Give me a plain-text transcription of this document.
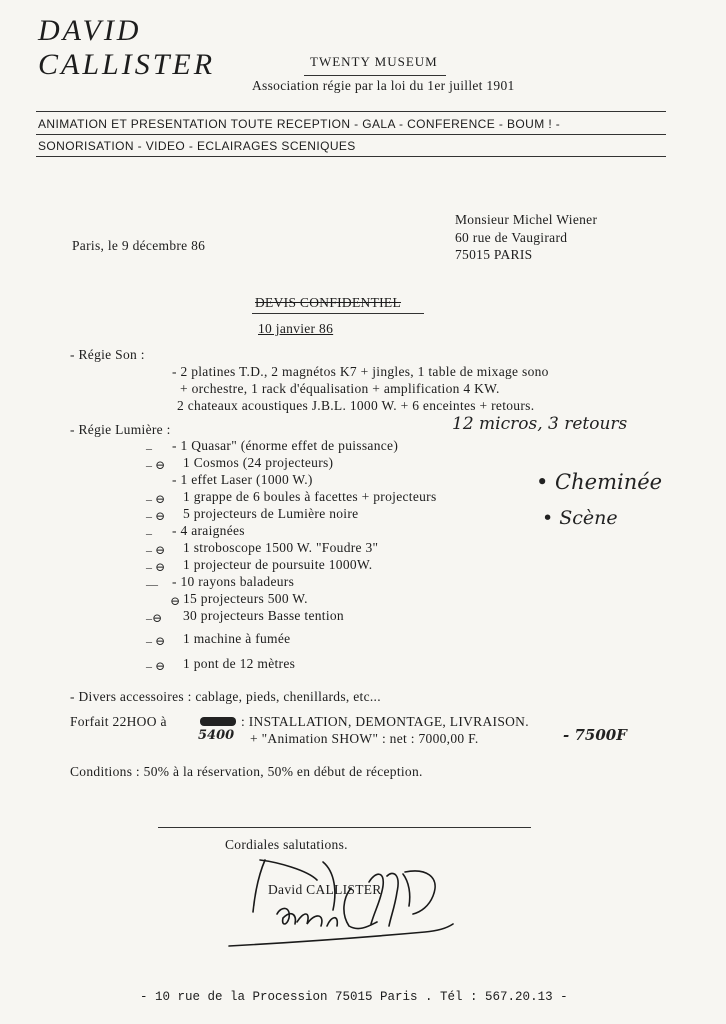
DAVID
CALLISTER	TWENTY MUSEUM
Association régie par la loi du 1er juillet 1901
ANIMATION ET PRESENTATION TOUTE RECEPTION - GALA - CONFERENCE - BOUM ! -
SONORISATION - VIDEO - ECLAIRAGES SCENIQUES
Monsieur Michel Wiener
60 rue de Vaugirard
75015 PARIS
Paris, le 9 décembre 86
DEVIS CONFIDENTIEL
10 janvier 86
- Régie Son :
- 2 platines T.D., 2 magnétos K7 + jingles, 1 table de mixage sono
+ orchestre, 1 rack d'équalisation + amplification 4 KW.
2 chateaux acoustiques J.B.L. 1000 W. + 6 enceintes + retours.
- Régie Lumière :	12 micros, 3 retours
– - 1 Quasar" (énorme effet de puissance)
– ⊖ 1 Cosmos (24 projecteurs)
- 1 effet Laser (1000 W.)
– ⊖ 1 grappe de 6 boules à facettes + projecteurs
• Cheminée
• Scène
– ⊖ 5 projecteurs de Lumière noire
– - 4 araignées
– ⊖ 1 stroboscope 1500 W. "Foudre 3"
– ⊖ 1 projecteur de poursuite 1000W.
— - 10 rayons baladeurs
⊖ 15 projecteurs 500 W.
–⊖ 30 projecteurs Basse tention
– ⊖ 1 machine à fumée
– ⊖ 1 pont de 12 mètres
- Divers accessoires : cablage, pieds, chenillards, etc...
Forfait 22HOO à	: INSTALLATION, DEMONTAGE, LIVRAISON.
5400 + "Animation SHOW" : net : 7000,00 F.	- 7500F
Conditions : 50% à la réservation, 50% en début de réception.
Cordiales salutations.
David CALLISTER
- 10 rue de la Procession 75015 Paris . Tél : 567.20.13 -
